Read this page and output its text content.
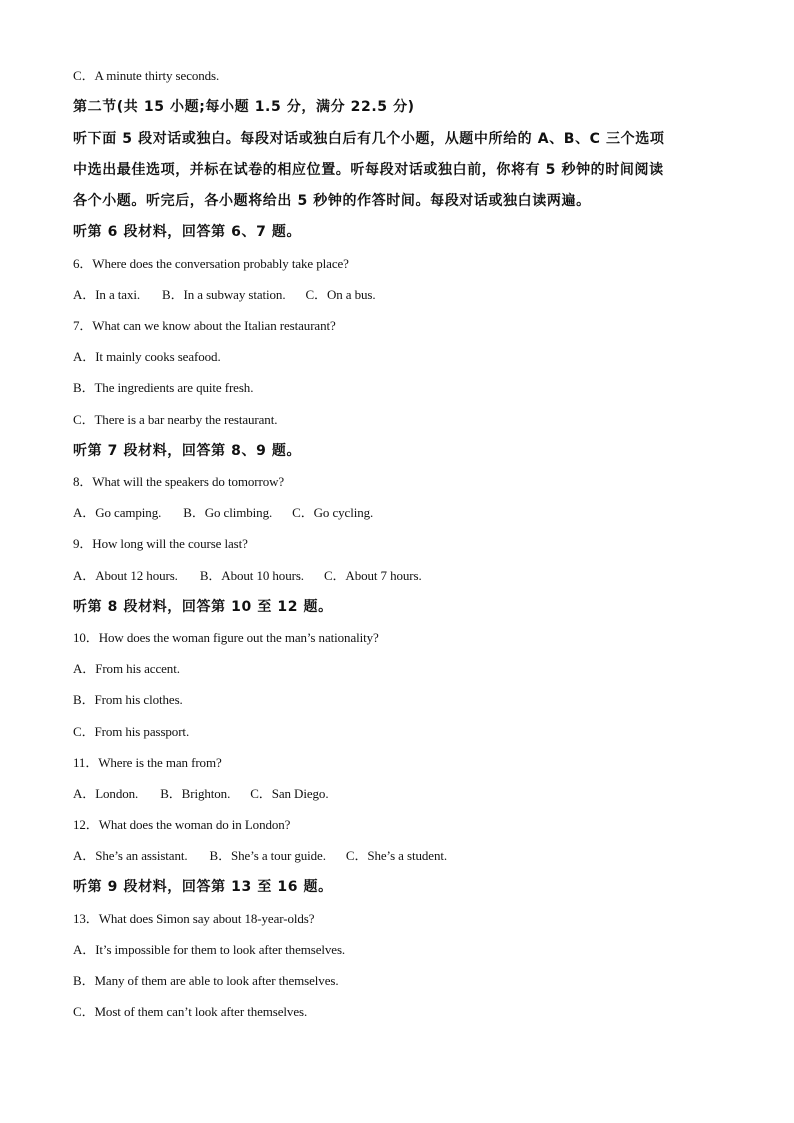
C．A minute thirty seconds.
第二节(共 15 小题;每小题 1.5 分，满分 22.5 分)
听下面 5 段对话或独白。每段对话或独白后有几个小题，从题中所给的 A、B、C 三个选项
中选出最佳选项，并标在试卷的相应位置。听每段对话或独白前，你将有 5 秒钟的时间阅读
各个小题。听完后，各小题将给出 5 秒钟的作答时间。每段对话或独白读两遍。
听第 6 段材料，回答第 6、7 题。
6．Where does the conversation probably take place?
A．In a taxi. B．In a subway station. C．On a bus.
7．What can we know about the Italian restaurant?
A．It mainly cooks seafood.
B．The ingredients are quite fresh.
C．There is a bar nearby the restaurant.
听第 7 段材料，回答第 8、9 题。
8．What will the speakers do tomorrow?
A．Go camping. B．Go climbing. C．Go cycling.
9．How long will the course last?
A．About 12 hours. B．About 10 hours. C．About 7 hours.
听第 8 段材料，回答第 10 至 12 题。
10．How does the woman figure out the man’s nationality?
A．From his accent.
B．From his clothes.
C．From his passport.
11．Where is the man from?
A．London. B．Brighton. C．San Diego.
12．What does the woman do in London?
A．She’s an assistant. B．She’s a tour guide. C．She’s a student.
听第 9 段材料，回答第 13 至 16 题。
13．What does Simon say about 18-year-olds?
A．It’s impossible for them to look after themselves.
B．Many of them are able to look after themselves.
C．Most of them can’t look after themselves.
